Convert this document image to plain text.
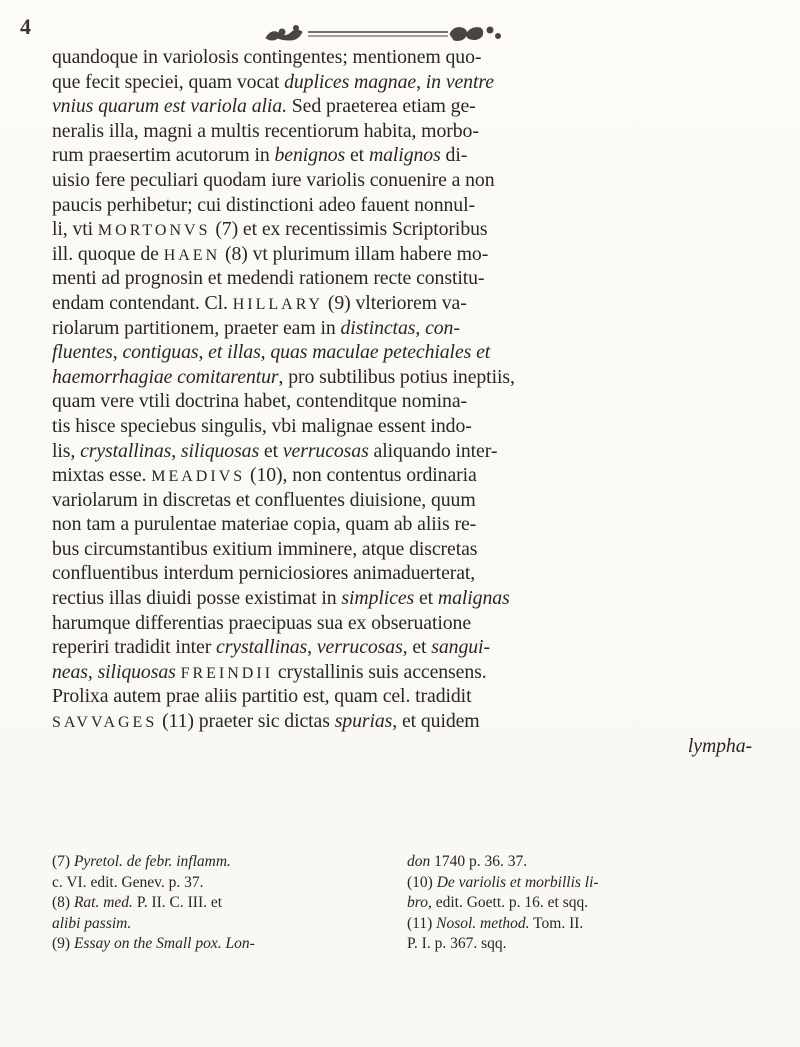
4
quandoque in variolosis contingentes; mentionem quo-
que fecit speciei, quam vocat duplices magnae, in ventre
vnius quarum est variola alia. Sed praeterea etiam ge-
neralis illa, magni a multis recentiorum habita, morbo-
rum praesertim acutorum in benignos et malignos di-
uisio fere peculiari quodam iure variolis conuenire a non
paucis perhibetur; cui distinctioni adeo fauent nonnul-
li, vti MORTONVS (7) et ex recentissimis Scriptoribus
ill. quoque de HAEN (8) vt plurimum illam habere mo-
menti ad prognosin et medendi rationem recte constitu-
endam contendant. Cl. HILLARY (9) vlteriorem va-
riolarum partitionem, praeter eam in distinctas, con-
fluentes, contiguas, et illas, quas maculae petechiales et
haemorrhagiae comitarentur, pro subtilibus potius ineptiis,
quam vere vtili doctrina habet, contenditque nomina-
tis hisce speciebus singulis, vbi malignae essent indo-
lis, crystallinas, siliquosas et verrucosas aliquando inter-
mixtas esse. MEADIVS (10), non contentus ordinaria
variolarum in discretas et confluentes diuisione, quum
non tam a purulentae materiae copia, quam ab aliis re-
bus circumstantibus exitium imminere, atque discretas
confluentibus interdum perniciosiores animaduerterat,
rectius illas diuidi posse existimat in simplices et malignas
harumque differentias praecipuas sua ex obseruatione
reperiri tradidit inter crystallinas, verrucosas, et sangui-
neas, siliquosas FREINDII crystallinis suis accensens.
Prolixa autem prae aliis partitio est, quam cel. tradidit
SAVVAGES (11) praeter sic dictas spurias, et quidem
lympha-
(7) Pyretol. de febr. inflamm.	don 1740 p. 36. 37.
c. VI. edit. Genev. p. 37.	(10) De variolis et morbillis li-
(8) Rat. med. P. II. C. III. et	bro, edit. Goett. p. 16. et sqq.
alibi passim.	(11) Nosol. method. Tom. II.
(9) Essay on the Small pox. Lon-	P. I. p. 367. sqq.
